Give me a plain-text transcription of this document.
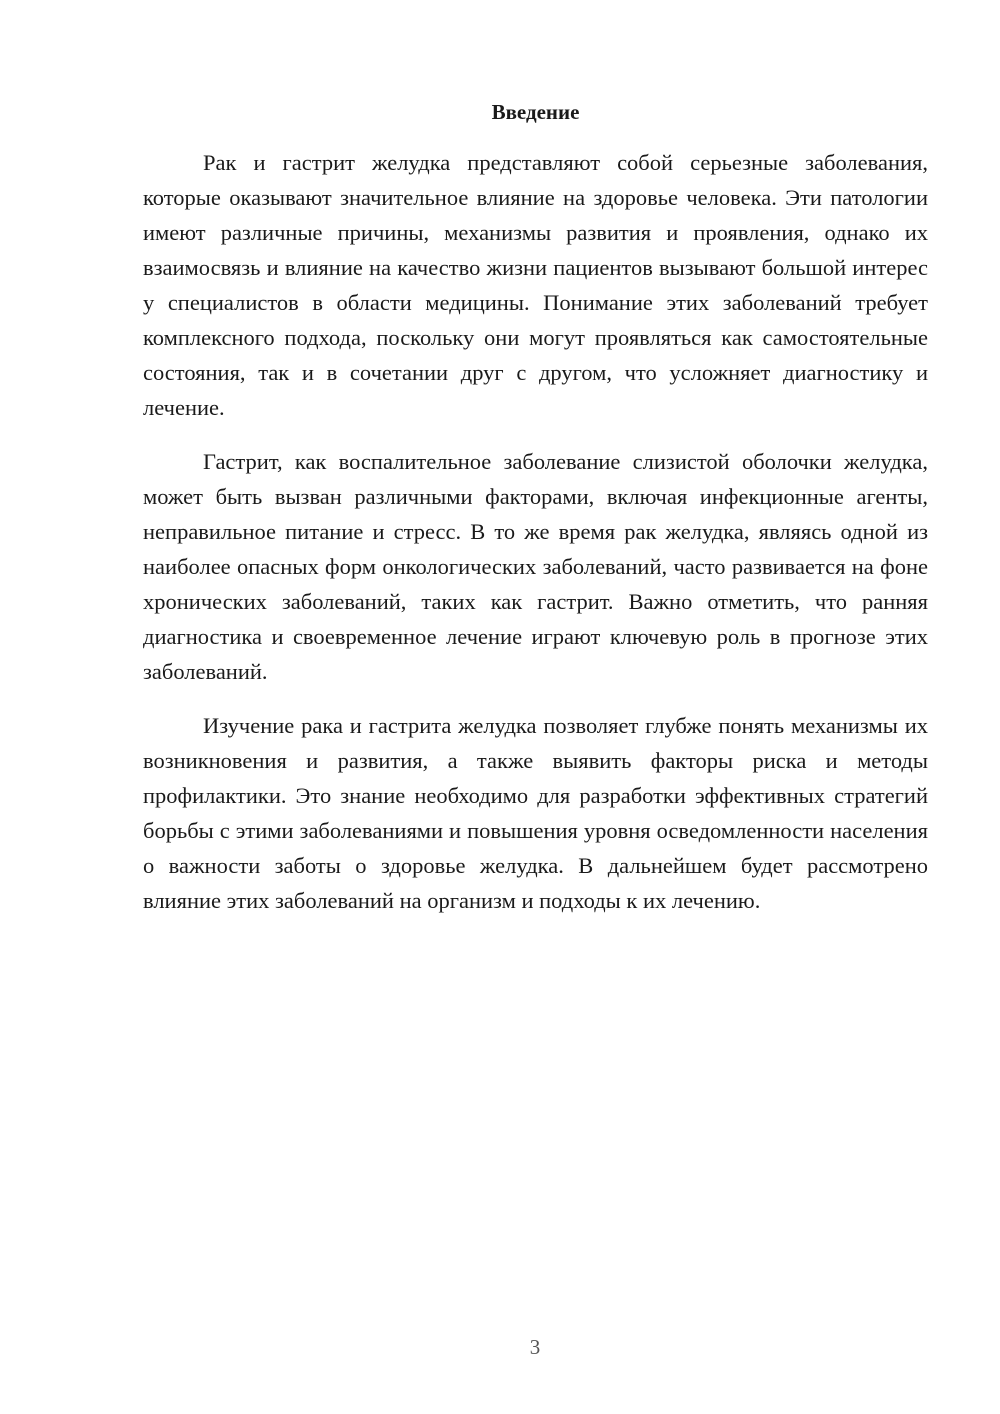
Введение

Рак и гастрит желудка представляют собой серьезные заболевания, которые оказывают значительное влияние на здоровье человека. Эти патологии имеют различные причины, механизмы развития и проявления, однако их взаимосвязь и влияние на качество жизни пациентов вызывают большой интерес у специалистов в области медицины. Понимание этих заболеваний требует комплексного подхода, поскольку они могут проявляться как самостоятельные состояния, так и в сочетании друг с другом, что усложняет диагностику и лечение.

Гастрит, как воспалительное заболевание слизистой оболочки желудка, может быть вызван различными факторами, включая инфекционные агенты, неправильное питание и стресс. В то же время рак желудка, являясь одной из наиболее опасных форм онкологических заболеваний, часто развивается на фоне хронических заболеваний, таких как гастрит. Важно отметить, что ранняя диагностика и своевременное лечение играют ключевую роль в прогнозе этих заболеваний.

Изучение рака и гастрита желудка позволяет глубже понять механизмы их возникновения и развития, а также выявить факторы риска и методы профилактики. Это знание необходимо для разработки эффективных стратегий борьбы с этими заболеваниями и повышения уровня осведомленности населения о важности заботы о здоровье желудка. В дальнейшем будет рассмотрено влияние этих заболеваний на организм и подходы к их лечению.

3
